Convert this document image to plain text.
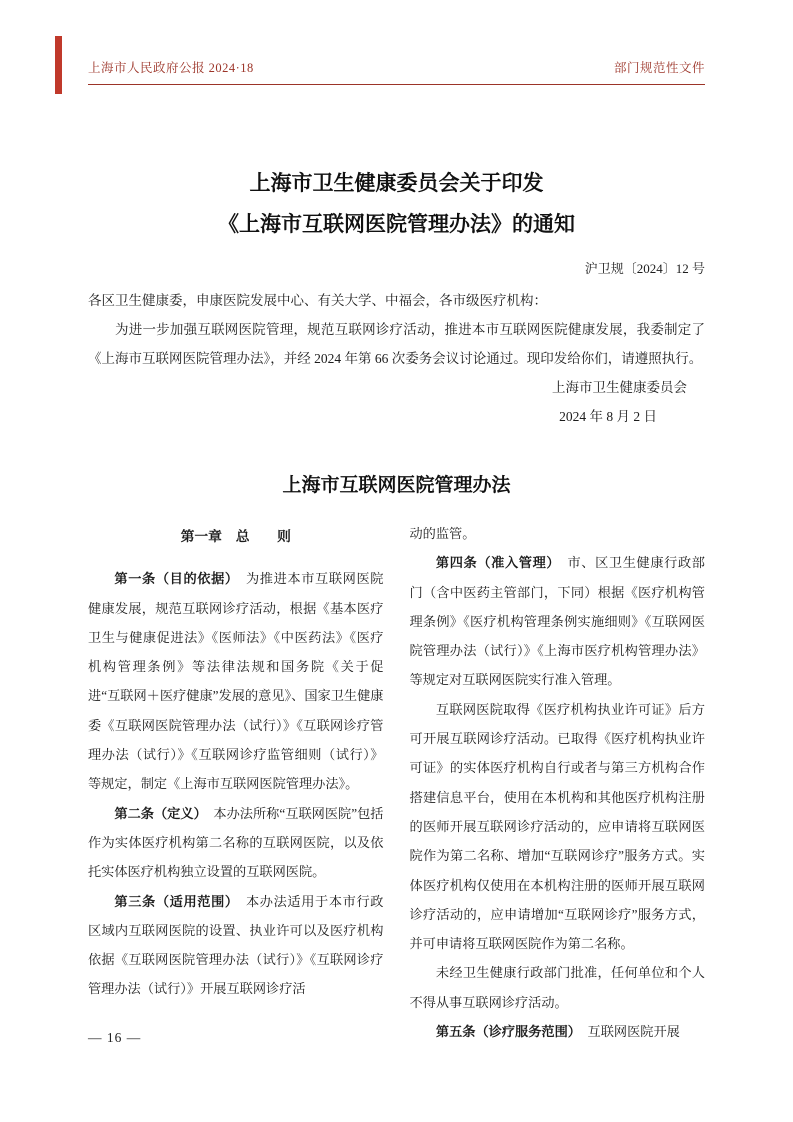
上海市人民政府公报 2024·18	部门规范性文件
上海市卫生健康委员会关于印发
《上海市互联网医院管理办法》的通知
沪卫规〔2024〕12 号

各区卫生健康委，申康医院发展中心、有关大学、中福会，各市级医疗机构：

为进一步加强互联网医院管理，规范互联网诊疗活动，推进本市互联网医院健康发展，我委制定了《上海市互联网医院管理办法》，并经 2024 年第 66 次委务会议讨论通过。现印发给你们，请遵照执行。

上海市卫生健康委员会
2024 年 8 月 2 日
上海市互联网医院管理办法
第一章　总　　则

第一条（目的依据）　为推进本市互联网医院健康发展，规范互联网诊疗活动，根据《基本医疗卫生与健康促进法》《医师法》《中医药法》《医疗机构管理条例》等法律法规和国务院《关于促进“互联网＋医疗健康”发展的意见》、国家卫生健康委《互联网医院管理办法（试行）》《互联网诊疗管理办法（试行）》《互联网诊疗监管细则（试行）》等规定，制定《上海市互联网医院管理办法》。

第二条（定义）　本办法所称“互联网医院”包括作为实体医疗机构第二名称的互联网医院，以及依托实体医疗机构独立设置的互联网医院。

第三条（适用范围）　本办法适用于本市行政区域内互联网医院的设置、执业许可以及医疗机构依据《互联网医院管理办法（试行）》《互联网诊疗管理办法（试行）》开展互联网诊疗活

动的监管。

第四条（准入管理）　市、区卫生健康行政部门（含中医药主管部门，下同）根据《医疗机构管理条例》《医疗机构管理条例实施细则》《互联网医院管理办法（试行）》《上海市医疗机构管理办法》等规定对互联网医院实行准入管理。

互联网医院取得《医疗机构执业许可证》后方可开展互联网诊疗活动。已取得《医疗机构执业许可证》的实体医疗机构自行或者与第三方机构合作搭建信息平台，使用在本机构和其他医疗机构注册的医师开展互联网诊疗活动的，应申请将互联网医院作为第二名称、增加“互联网诊疗”服务方式。实体医疗机构仅使用在本机构注册的医师开展互联网诊疗活动的，应申请增加“互联网诊疗”服务方式，并可申请将互联网医院作为第二名称。

未经卫生健康行政部门批准，任何单位和个人不得从事互联网诊疗活动。

第五条（诊疗服务范围）　互联网医院开展

— 16 —
